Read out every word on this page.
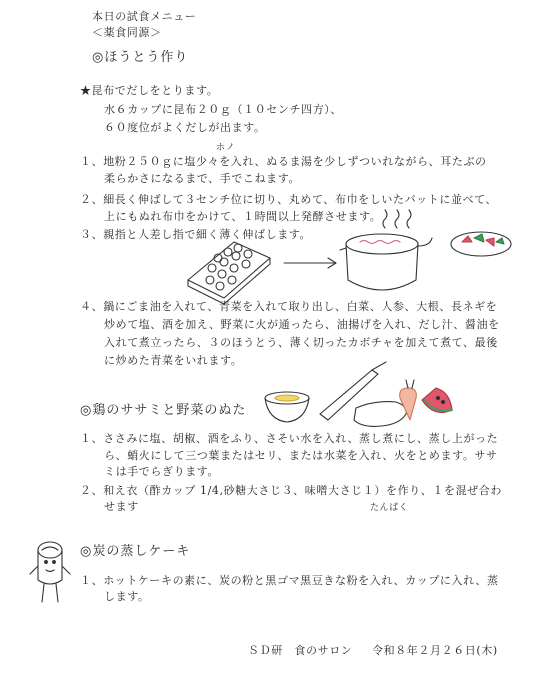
本日の試食メニュー
＜薬食同源＞
◎ほうとう作り
★昆布でだしをとります。
水６カップに昆布２０ｇ（１０センチ四方）、
６０度位がよくだしが出ます。
ホノ
１、地粉２５０ｇに塩少々を入れ、ぬるま湯を少しずついれながら、耳たぶの
柔らかさになるまで、手でこねます。
２、細長く伸ばして３センチ位に切り、丸めて、布巾をしいたバットに並べて、
上にもぬれ布巾をかけて、１時間以上発酵させます。
３、親指と人差し指で細く薄く伸ばします。
４、鍋にごま油を入れて、青菜を入れて取り出し、白菜、人参、大根、長ネギを
炒めて塩、酒を加え、野菜に火が通ったら、油揚げを入れ、だし汁、醤油を
入れて煮立ったら、３のほうとう、薄く切ったカボチャを加えて煮て、最後
に炒めた青菜をいれます。
◎鶏のササミと野菜のぬた
１、ささみに塩、胡椒、酒をふり、さそい水を入れ、蒸し煮にし、蒸し上がった
ら、蛸火にして三つ葉またはセリ、または水菜を入れ、火をとめます。ササ
ミは手でらぎります。
２、和え衣（酢カップ 1/4,砂糖大さじ３、味噌大さじ１）を作り、１を混ぜ合わ
せます	たんぱく
◎炭の蒸しケーキ
１、ホットケーキの素に、炭の粉と黒ゴマ黒豆きな粉を入れ、カップに入れ、蒸
します。
ＳＤ研　食のサロン 令和８年２月２６日(木)
